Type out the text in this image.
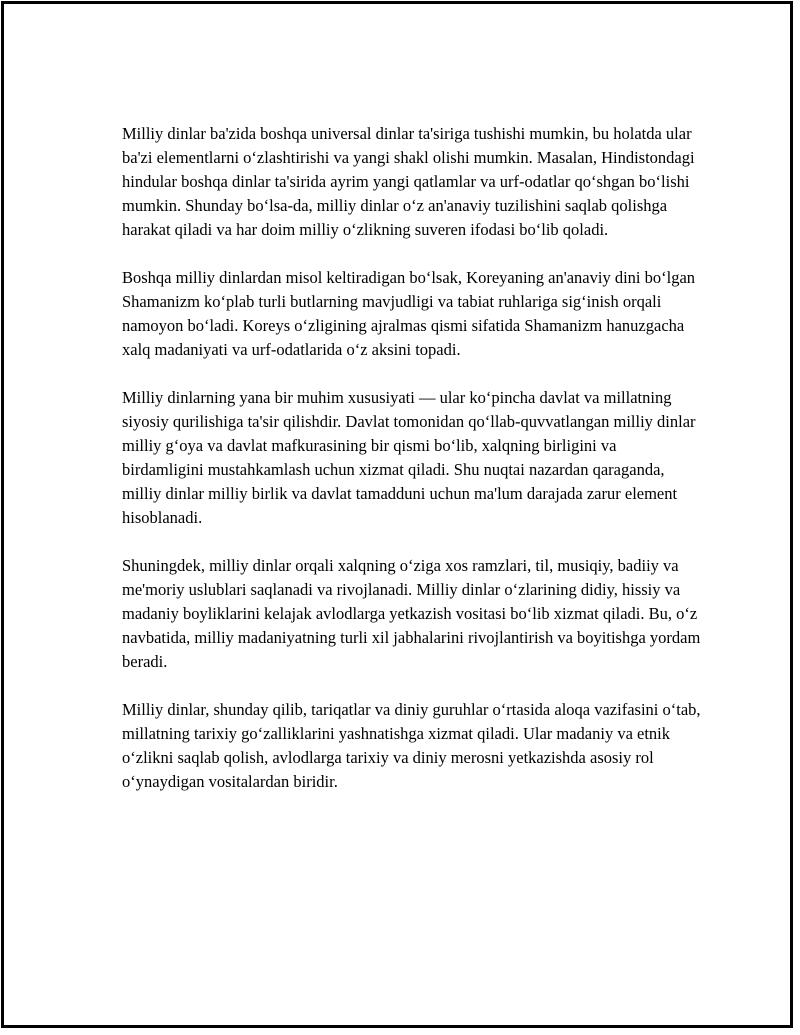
Milliy dinlar ba'zida boshqa universal dinlar ta'siriga tushishi mumkin, bu holatda ular ba'zi elementlarni o‘zlashtirishi va yangi shakl olishi mumkin. Masalan, Hindistondagi hindular boshqa dinlar ta'sirida ayrim yangi qatlamlar va urf-odatlar qo‘shgan bo‘lishi mumkin. Shunday bo‘lsa-da, milliy dinlar o‘z an'anaviy tuzilishini saqlab qolishga harakat qiladi va har doim milliy o‘zlikning suveren ifodasi bo‘lib qoladi.

Boshqa milliy dinlardan misol keltiradigan bo‘lsak, Koreyaning an'anaviy dini bo‘lgan Shamanizm ko‘plab turli butlarning mavjudligi va tabiat ruhlariga sig‘inish orqali namoyon bo‘ladi. Koreys o‘zligining ajralmas qismi sifatida Shamanizm hanuzgacha xalq madaniyati va urf-odatlarida o‘z aksini topadi.

Milliy dinlarning yana bir muhim xususiyati — ular ko‘pincha davlat va millatning siyosiy qurilishiga ta'sir qilishdir. Davlat tomonidan qo‘llab-quvvatlangan milliy dinlar milliy g‘oya va davlat mafkurasining bir qismi bo‘lib, xalqning birligini va birdamligini mustahkamlash uchun xizmat qiladi. Shu nuqtai nazardan qaraganda, milliy dinlar milliy birlik va davlat tamadduni uchun ma'lum darajada zarur element hisoblanadi.

Shuningdek, milliy dinlar orqali xalqning o‘ziga xos ramzlari, til, musiqiy, badiiy va me'moriy uslublari saqlanadi va rivojlanadi. Milliy dinlar o‘zlarining didiy, hissiy va madaniy boyliklarini kelajak avlodlarga yetkazish vositasi bo‘lib xizmat qiladi. Bu, o‘z navbatida, milliy madaniyatning turli xil jabhalarini rivojlantirish va boyitishga yordam beradi.

Milliy dinlar, shunday qilib, tariqatlar va diniy guruhlar o‘rtasida aloqa vazifasini o‘tab, millatning tarixiy go‘zalliklarini yashnatishga xizmat qiladi. Ular madaniy va etnik o‘zlikni saqlab qolish, avlodlarga tarixiy va diniy merosni yetkazishda asosiy rol o‘ynaydigan vositalardan biridir.
